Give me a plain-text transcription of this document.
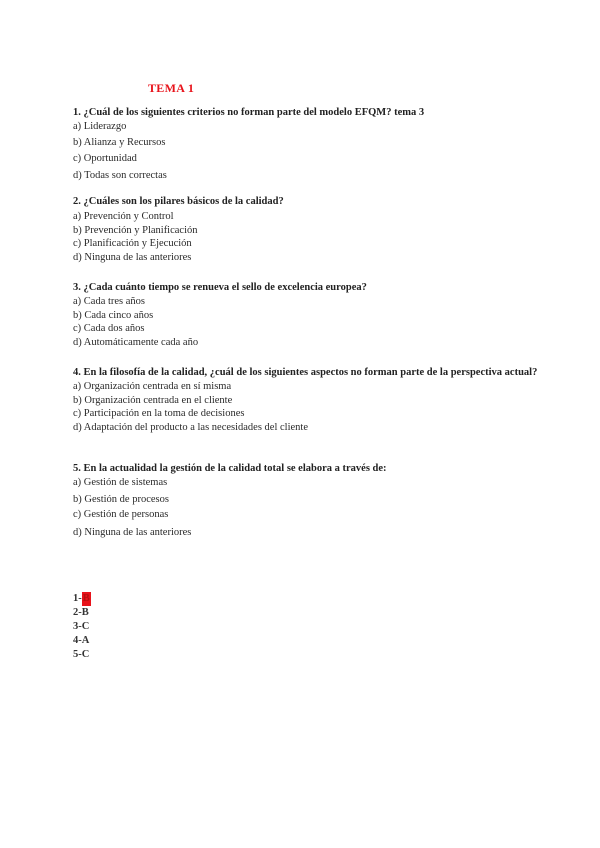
TEMA 1
1. ¿Cuál de los siguientes criterios no forman parte del modelo EFQM? tema 3
a) Liderazgo
b) Alianza y Recursos
c) Oportunidad
d) Todas son correctas
2. ¿Cuáles son los pilares básicos de la calidad?
a) Prevención y Control
b) Prevención y Planificación
c) Planificación y Ejecución
d) Ninguna de las anteriores
3. ¿Cada cuánto tiempo se renueva el sello de excelencia europea?
a) Cada tres años
b) Cada cinco años
c) Cada dos años
d) Automáticamente cada año
4. En la filosofía de la calidad, ¿cuál de los siguientes aspectos no forman parte de la perspectiva actual?
a) Organización centrada en sí misma
b) Organización centrada en el cliente
c) Participación en la toma de decisiones
d) Adaptación del producto a las necesidades del cliente
5. En la actualidad la gestión de la calidad total se elabora a través de:
a) Gestión de sistemas
b) Gestión de procesos
c) Gestión de personas
d) Ninguna de las anteriores
1-B
2-B
3-C
4-A
5-C
